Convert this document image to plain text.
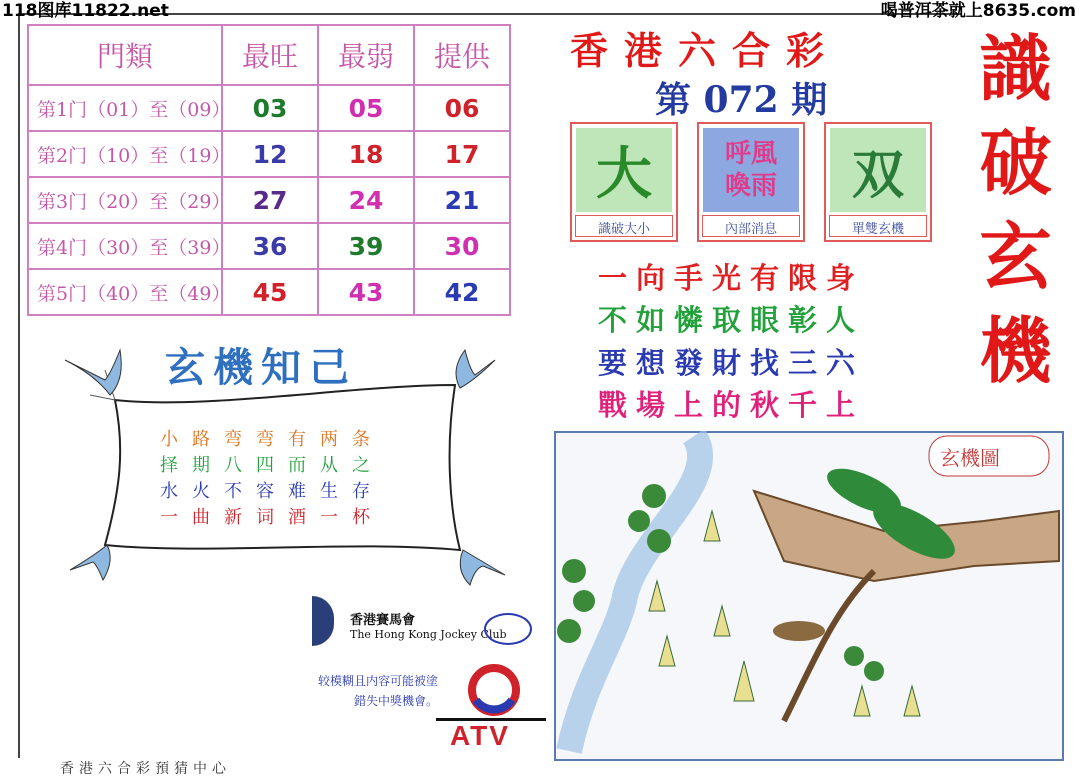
118图库11822.net	喝普洱茶就上8635.com
門類	最旺	最弱	提供
第1门（01）至（09）	03	05	06
第2门（10）至（19）	12	18	17
第3门（20）至（29）	27	24	21
第4门（30）至（39）	36	39	30
第5门（40）至（49）	45	43	42
香港六合彩
第 072 期 識
破
玄
機
大
識破大小
呼風
喚雨
內部消息
双
單雙玄機
一向手光有限身
不如憐取眼彰人
要想發財找三六
戰場上的秋千上
玄機知己
小路弯弯有两条
择期八四而从之
水火不容难生存
一曲新词酒一杯
香港賽馬會
The Hong Kong Jockey Club
较模糊且内容可能被塗
錯失中獎機會。
ATV
玄機圖
香港六合彩預猜中心
